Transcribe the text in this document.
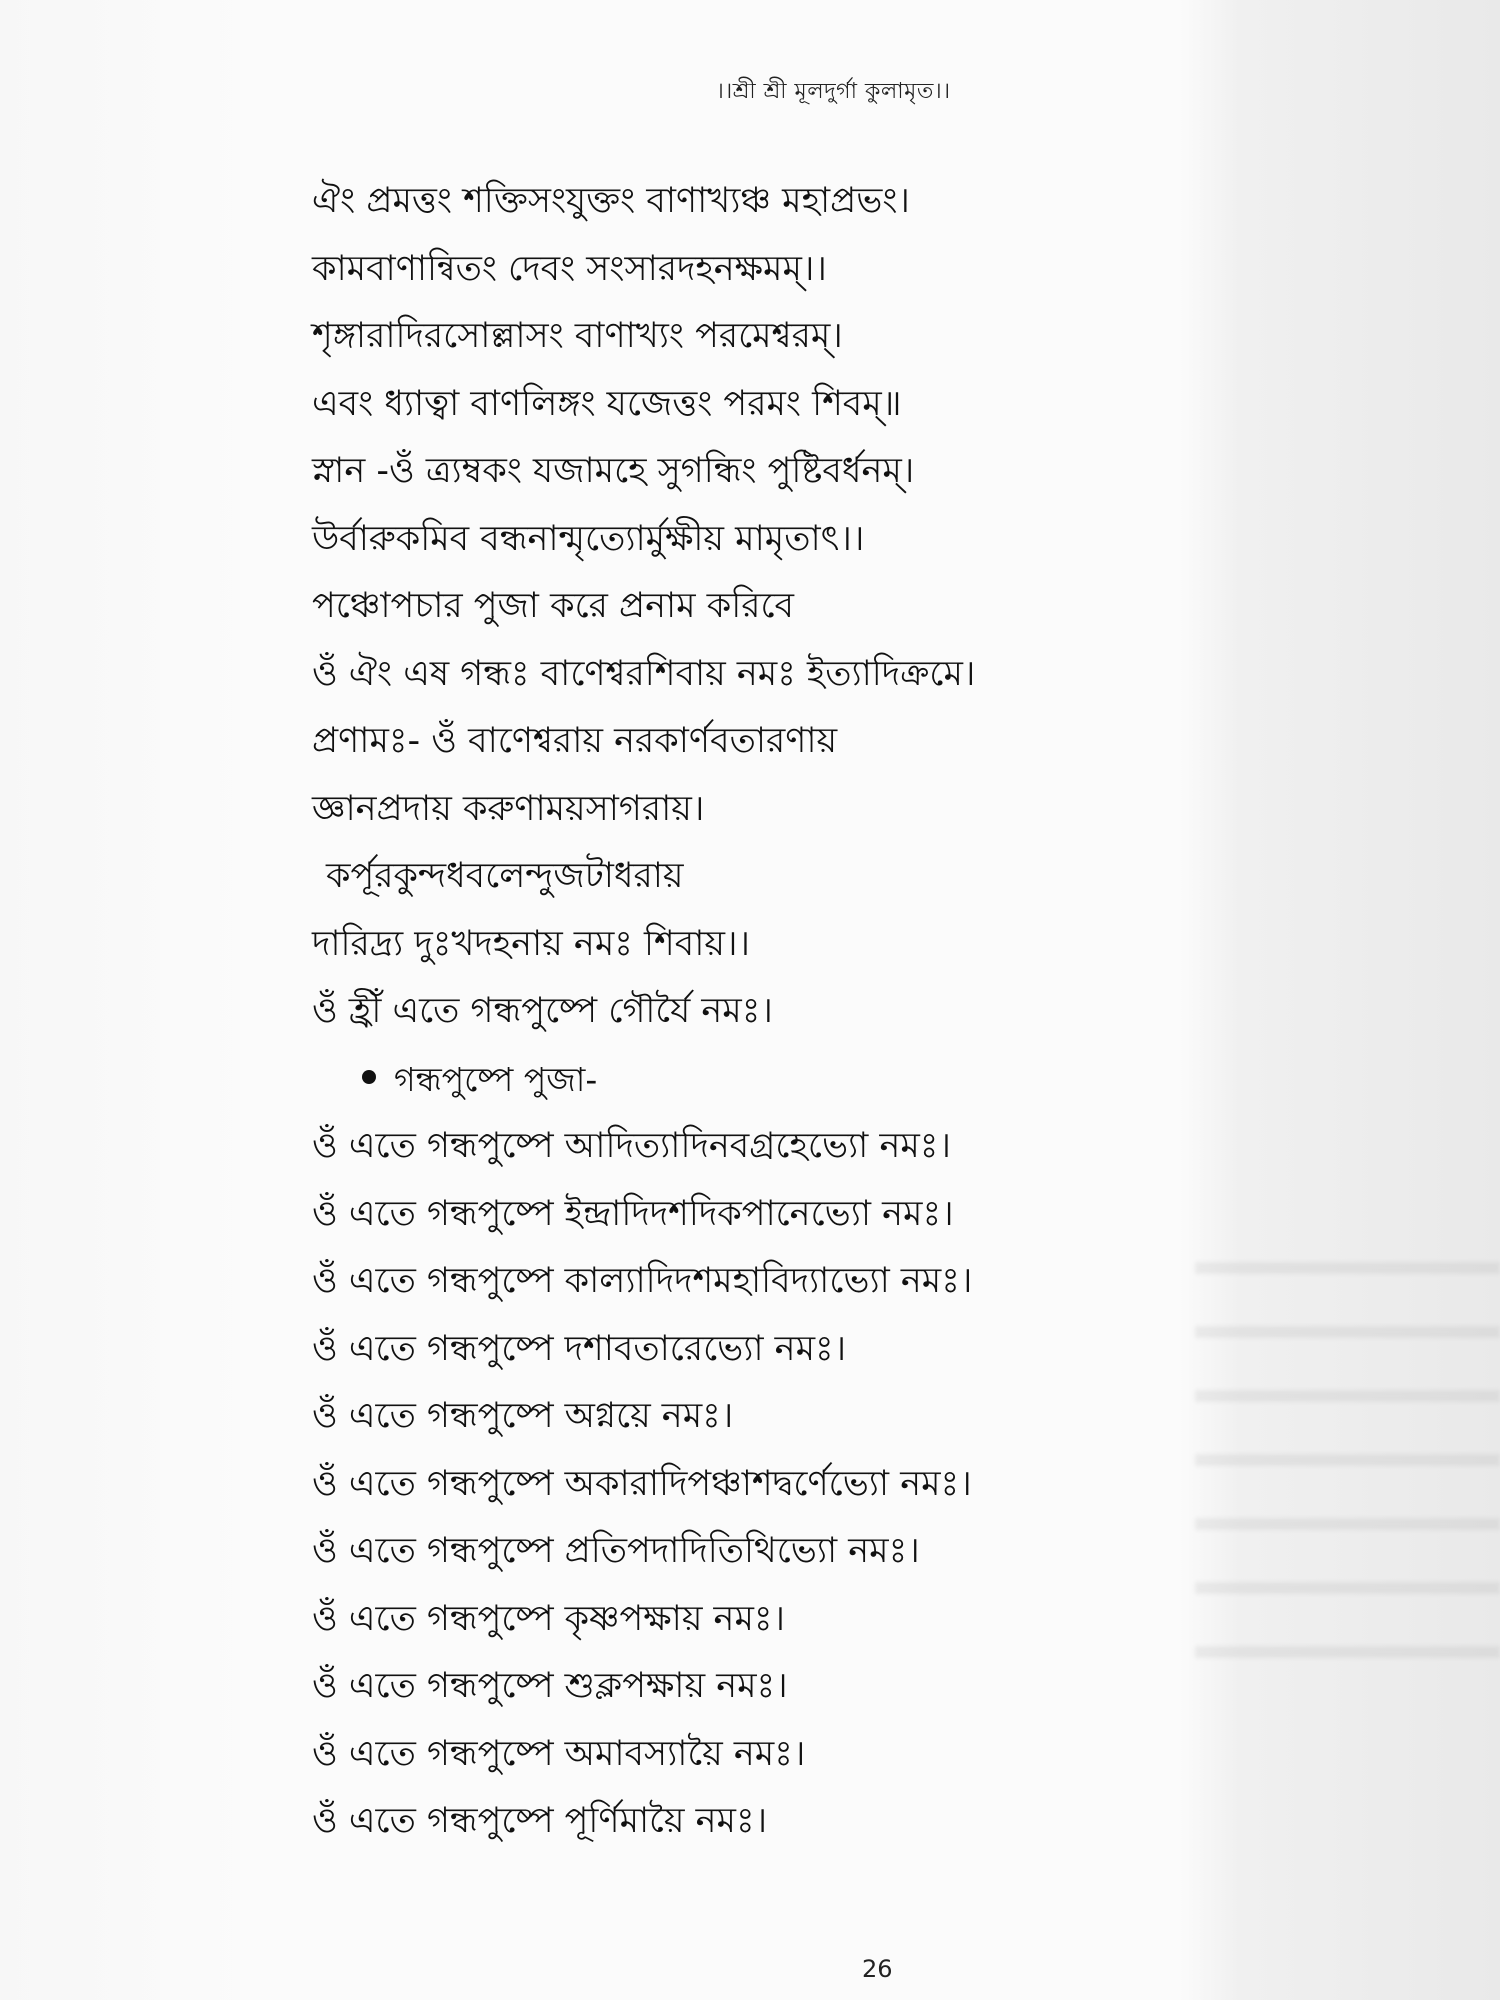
।।শ্রী শ্রী মূলদুর্গা কুলামৃত।।
ঐং প্রমত্তং শক্তিসংযুক্তং বাণাখ্যঞ্চ মহাপ্রভং।
কামবাণান্বিতং দেবং সংসারদহনক্ষমম্।।
শৃঙ্গারাদিরসোল্লাসং বাণাখ্যং পরমেশ্বরম্।
এবং ধ্যাত্বা বাণলিঙ্গং যজেত্তং পরমং শিবম্॥
স্নান -ওঁ ত্র্যম্বকং যজামহে সুগন্ধিং পুষ্টিবর্ধনম্।
উর্বারুকমিব বন্ধনান্মৃত্যোর্মুক্ষীয় মামৃতাৎ।।
পঞ্চোপচার পুজা করে প্রনাম করিবে
ওঁ ঐং এষ গন্ধঃ বাণেশ্বরশিবায় নমঃ ইত্যাদিক্রমে।
প্রণামঃ- ওঁ বাণেশ্বরায় নরকার্ণবতারণায়
জ্ঞানপ্রদায় করুণাময়সাগরায়।
কর্পূরকুন্দধবলেন্দুজটাধরায়
দারিদ্র্য দুঃখদহনায় নমঃ শিবায়।।
ওঁ হ্রীঁ এতে গন্ধপুষ্পে গৌর্যৈ নমঃ।
গন্ধপুষ্পে পুজা-
ওঁ এতে গন্ধপুষ্পে আদিত্যাদিনবগ্রহেভ্যো নমঃ।
ওঁ এতে গন্ধপুষ্পে ইন্দ্রাদিদশদিকপানেভ্যো নমঃ।
ওঁ এতে গন্ধপুষ্পে কাল্যাদিদশমহাবিদ্যাভ্যো নমঃ।
ওঁ এতে গন্ধপুষ্পে দশাবতারেভ্যো নমঃ।
ওঁ এতে গন্ধপুষ্পে অগ্নয়ে নমঃ।
ওঁ এতে গন্ধপুষ্পে অকারাদিপঞ্চাশদ্বর্ণেভ্যো নমঃ।
ওঁ এতে গন্ধপুষ্পে প্রতিপদাদিতিথিভ্যো নমঃ।
ওঁ এতে গন্ধপুষ্পে কৃষ্ণপক্ষায় নমঃ।
ওঁ এতে গন্ধপুষ্পে শুক্লপক্ষায় নমঃ।
ওঁ এতে গন্ধপুষ্পে অমাবস্যায়ৈ নমঃ।
ওঁ এতে গন্ধপুষ্পে পূর্ণিমায়ৈ নমঃ।
26
